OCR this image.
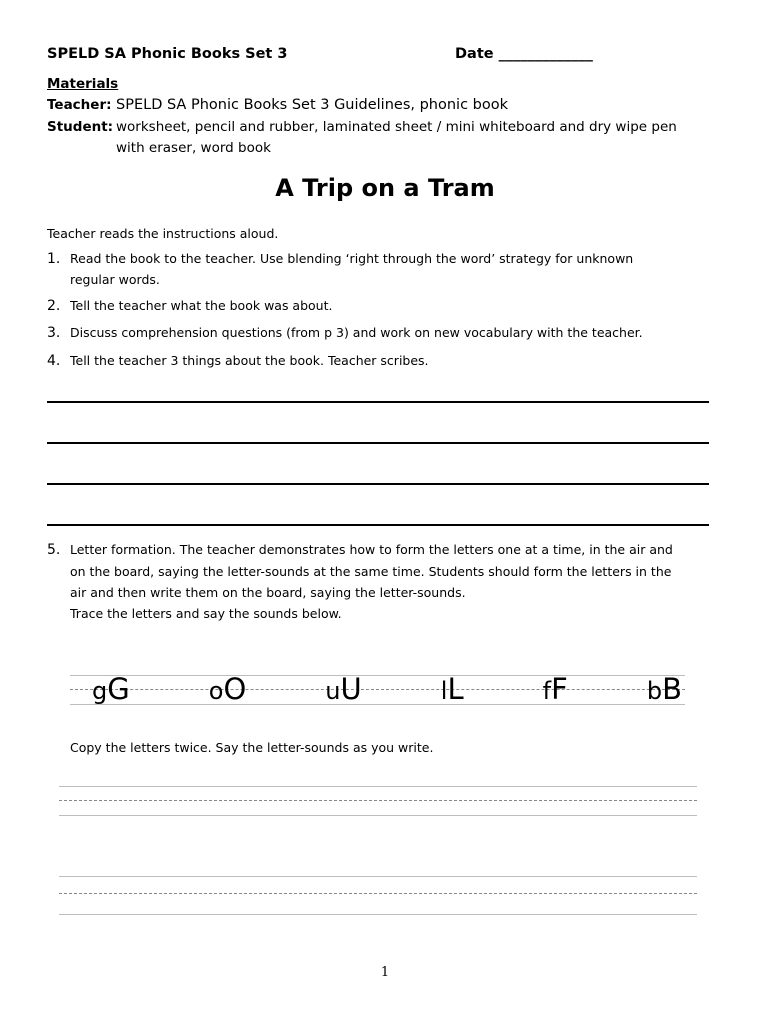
SPELD SA Phonic Books Set 3	Date _____________
Materials
Teacher: SPELD SA Phonic Books Set 3 Guidelines, phonic book
Student: worksheet, pencil and rubber, laminated sheet / mini whiteboard and dry wipe pen
with eraser, word book
A Trip on a Tram
Teacher reads the instructions aloud.
1. Read the book to the teacher. Use blending ‘right through the word’ strategy for unknown
regular words.
2. Tell the teacher what the book was about.
3. Discuss comprehension questions (from p 3) and work on new vocabulary with the teacher.
4. Tell the teacher 3 things about the book. Teacher scribes.
5. Letter formation. The teacher demonstrates how to form the letters one at a time, in the air and
on the board, saying the letter-sounds at the same time. Students should form the letters in the
air and then write them on the board, saying the letter-sounds.
Trace the letters and say the sounds below.
gG	oO	uU	lL	fF	bB
Copy the letters twice. Say the letter-sounds as you write.
1
